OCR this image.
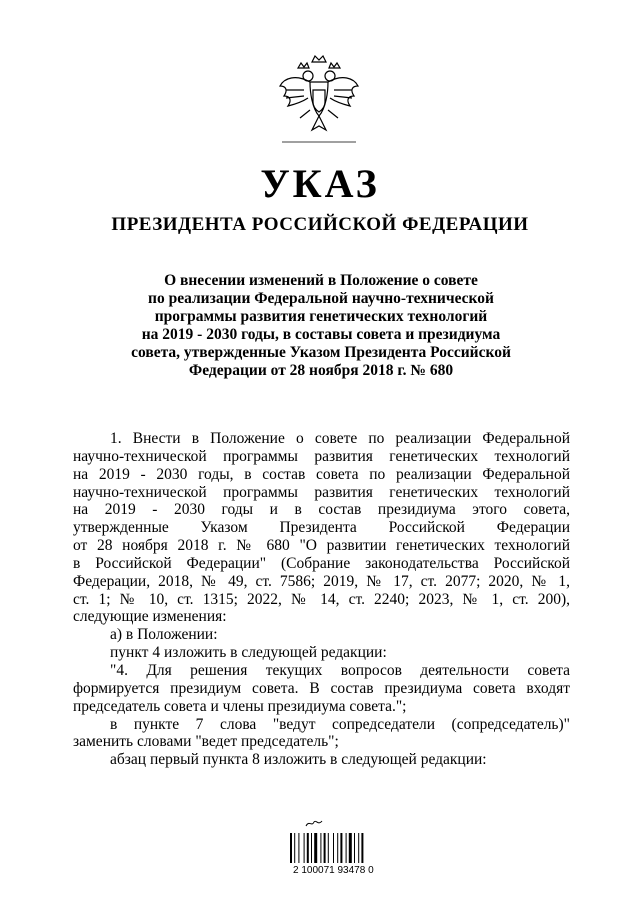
УКАЗ
ПРЕЗИДЕНТА РОССИЙСКОЙ ФЕДЕРАЦИИ
О внесении изменений в Положение о совете
по реализации Федеральной научно-технической
программы развития генетических технологий
на 2019 - 2030 годы, в составы совета и президиума
совета, утвержденные Указом Президента Российской
Федерации от 28 ноября 2018 г. № 680
1. Внести в Положение о совете по реализации Федеральной
научно-технической программы развития генетических технологий
на 2019 - 2030 годы, в состав совета по реализации Федеральной
научно-технической программы развития генетических технологий
на 2019 - 2030 годы и в состав президиума этого совета,
утвержденные Указом Президента Российской Федерации
от 28 ноября 2018 г. № 680 "О развитии генетических технологий
в Российской Федерации" (Собрание законодательства Российской
Федерации, 2018, № 49, ст. 7586; 2019, № 17, ст. 2077; 2020, № 1,
ст. 1; № 10, ст. 1315; 2022, № 14, ст. 2240; 2023, № 1, ст. 200),
следующие изменения:
а) в Положении:
пункт 4 изложить в следующей редакции:
"4. Для решения текущих вопросов деятельности совета
формируется президиум совета. В состав президиума совета входят
председатель совета и члены президиума совета.";
в пункте 7 слова "ведут сопредседатели (сопредседатель)"
заменить словами "ведет председатель";
абзац первый пункта 8 изложить в следующей редакции:
2 100071 93478 0
